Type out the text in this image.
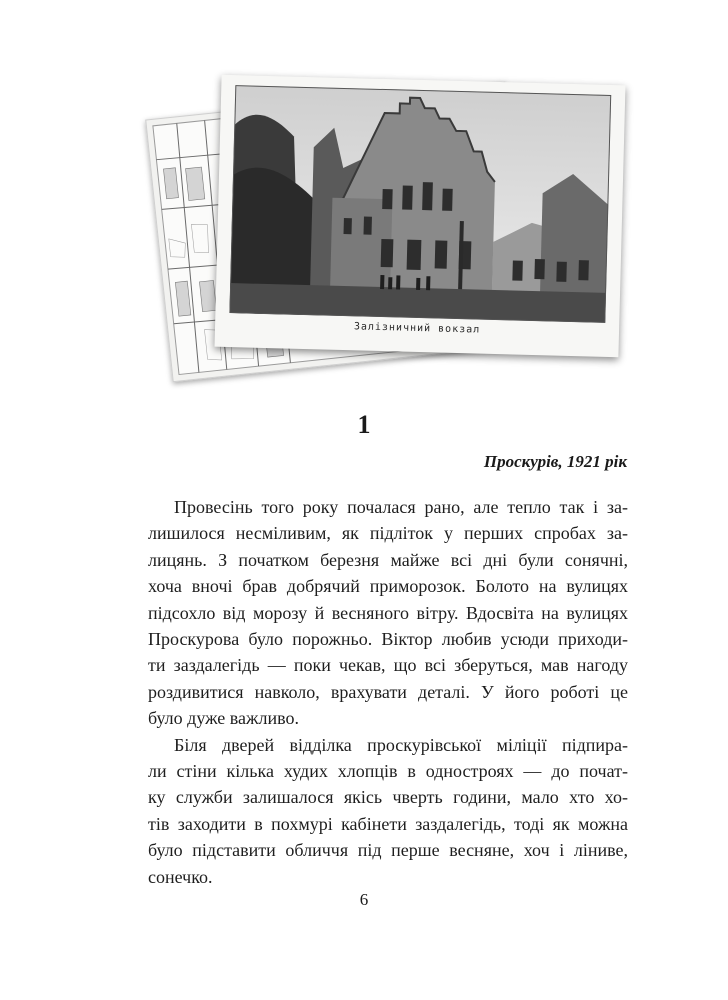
Залізничний вокзал
1
Проскурів, 1921 рік
Провесінь того року почалася рано, але тепло так і за-
лишилося несміливим, як підліток у перших спробах за-
лицянь. З початком березня майже всі дні були сонячні,
хоча вночі брав добрячий приморозок. Болото на вулицях
підсохло від морозу й весняного вітру. Вдосвіта на вулицях
Проскурова було порожньо. Віктор любив усюди приходи-
ти заздалегідь — поки чекав, що всі зберуться, мав нагоду
роздивитися навколо, врахувати деталі. У його роботі це
було дуже важливо.
Біля дверей відділка проскурівської міліції підпира-
ли стіни кілька худих хлопців в одностроях — до почат-
ку служби залишалося якісь чверть години, мало хто хо-
тів заходити в похмурі кабінети заздалегідь, тоді як можна
було підставити обличчя під перше весняне, хоч і ліниве,
сонечко.
6
